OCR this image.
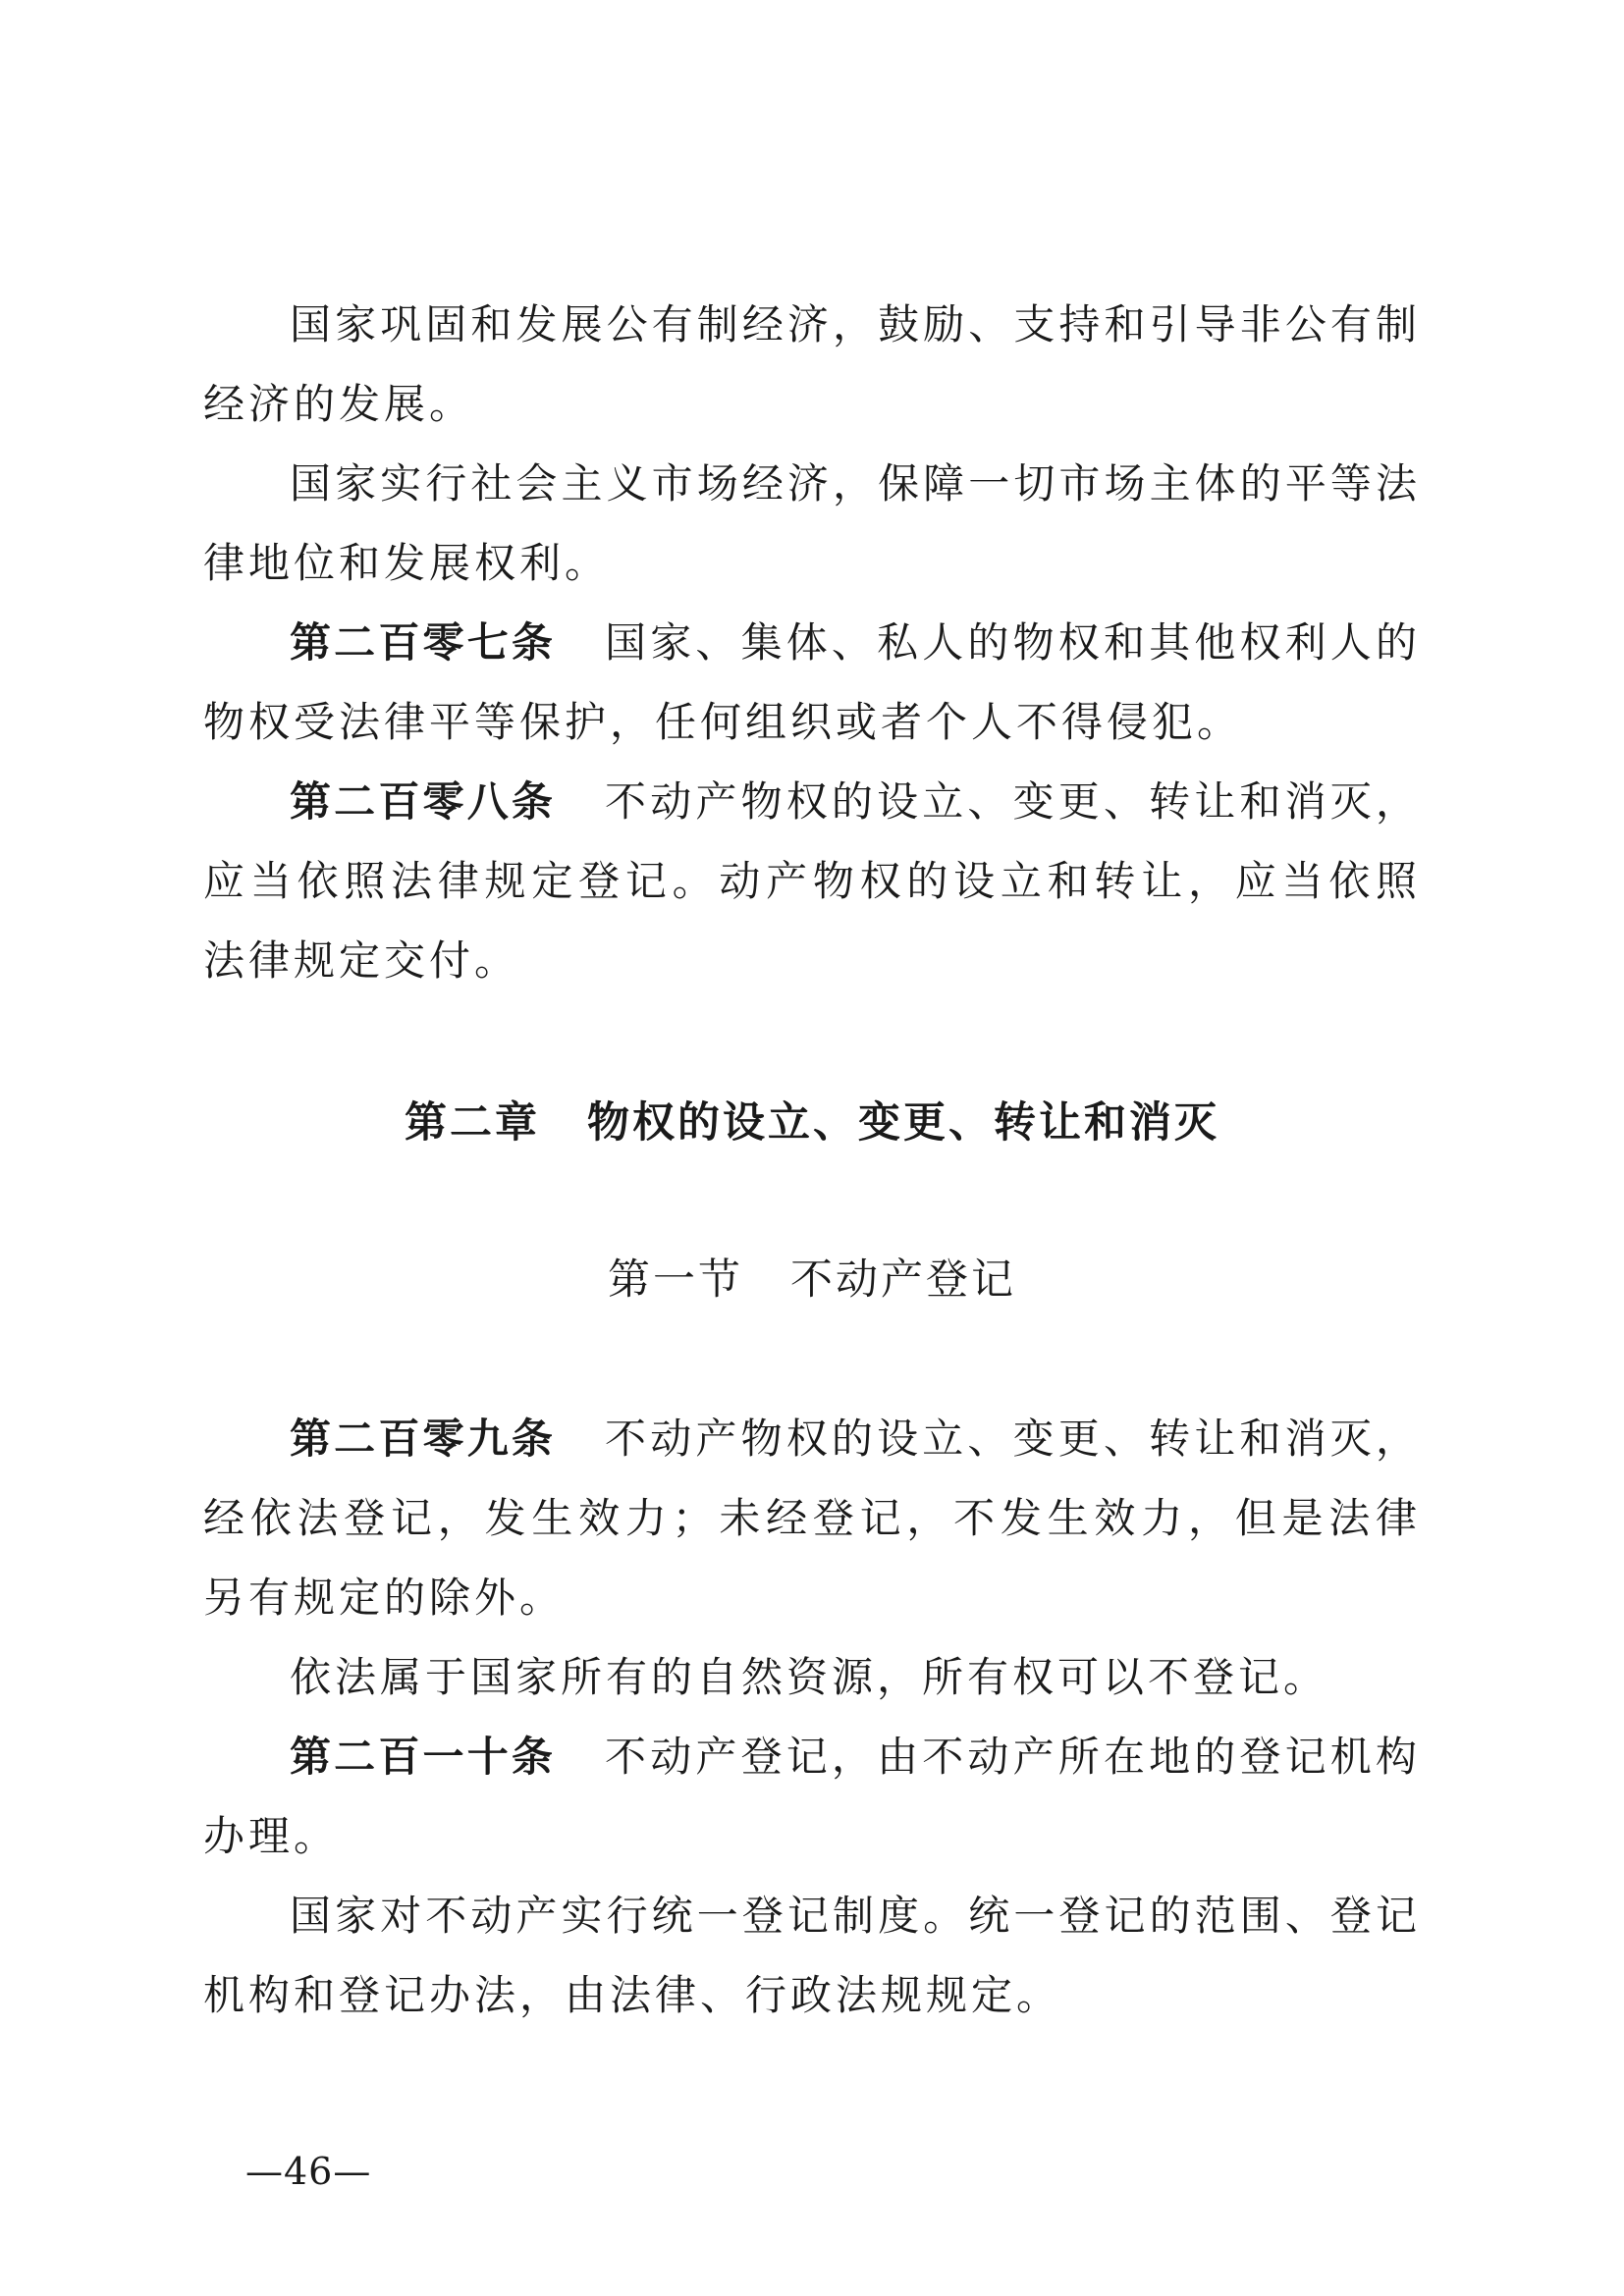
国家巩固和发展公有制经济，鼓励、支持和引导非公有制经济的发展。

国家实行社会主义市场经济，保障一切市场主体的平等法律地位和发展权利。

第二百零七条 国家、集体、私人的物权和其他权利人的物权受法律平等保护，任何组织或者个人不得侵犯。

第二百零八条 不动产物权的设立、变更、转让和消灭，应当依照法律规定登记。动产物权的设立和转让，应当依照法律规定交付。

第二章 物权的设立、变更、转让和消灭
第一节 不动产登记

第二百零九条 不动产物权的设立、变更、转让和消灭，经依法登记，发生效力；未经登记，不发生效力，但是法律另有规定的除外。

依法属于国家所有的自然资源，所有权可以不登记。

第二百一十条 不动产登记，由不动产所在地的登记机构办理。

国家对不动产实行统一登记制度。统一登记的范围、登记机构和登记办法，由法律、行政法规规定。

—46—
